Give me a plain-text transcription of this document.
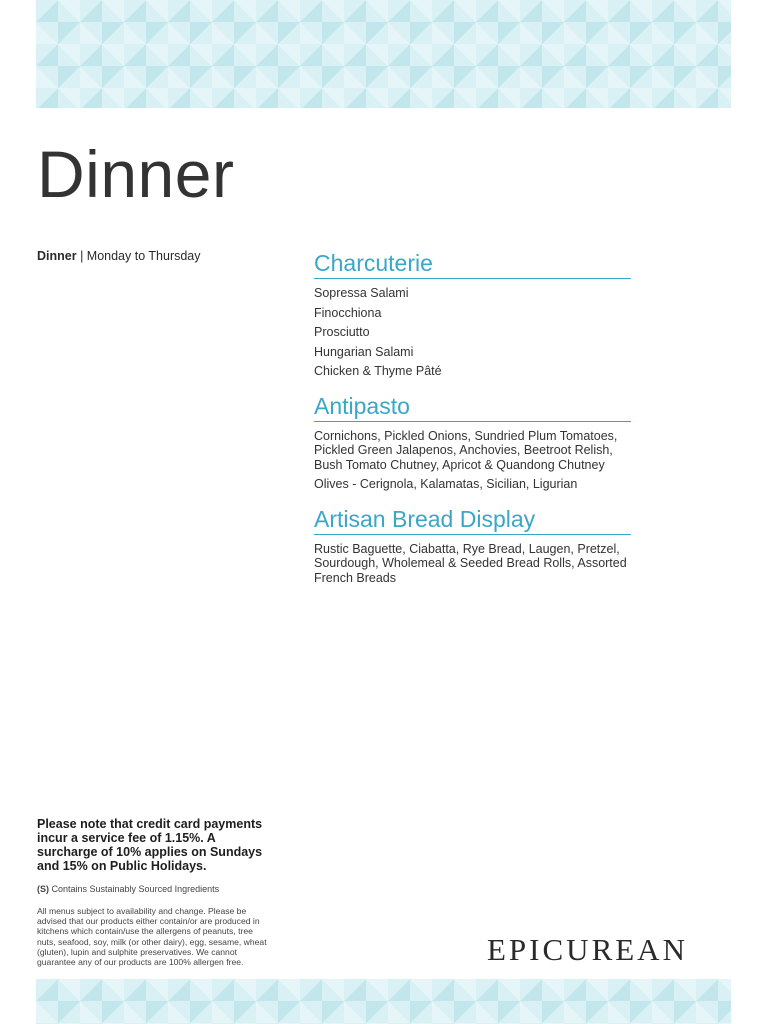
Dinner
Dinner | Monday to Thursday	Charcuterie
Sopressa Salami
Finocchiona
Prosciutto
Hungarian Salami
Chicken & Thyme Pâté
Antipasto
Cornichons, Pickled Onions, Sundried Plum Tomatoes, Pickled Green Jalapenos, Anchovies, Beetroot Relish, Bush Tomato Chutney, Apricot & Quandong Chutney
Olives - Cerignola, Kalamatas, Sicilian, Ligurian
Artisan Bread Display
Rustic Baguette, Ciabatta, Rye Bread, Laugen, Pretzel, Sourdough, Wholemeal & Seeded Bread Rolls, Assorted French Breads
Please note that credit card payments incur a service fee of 1.15%. A surcharge of 10% applies on Sundays and 15% on Public Holidays.
(S) Contains Sustainably Sourced Ingredients
All menus subject to availability and change. Please be advised that our products either contain/or are produced in kitchens which contain/use the allergens of peanuts, tree nuts, seafood, soy, milk (or other dairy), egg, sesame, wheat (gluten), lupin and sulphite preservatives. We cannot guarantee any of our products are 100% allergen free.	EPICUREAN
